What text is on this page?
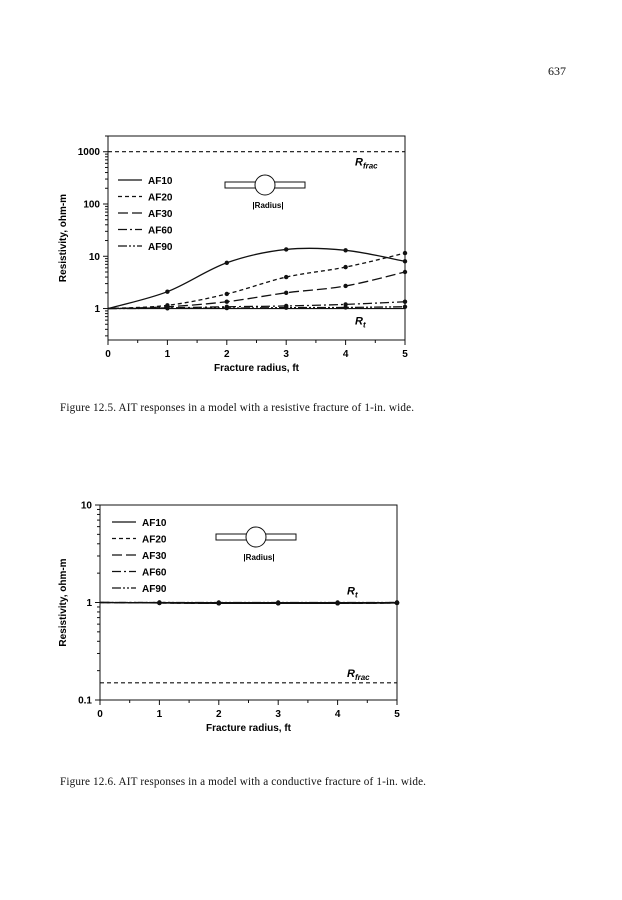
637
1
10
100
1000
0	1	2	3	4	5
Fracture radius, ft
Resistivity, ohm-m
$R_{frac}$
$R_t$
AF10
AF20
AF30
AF60
AF90
|Radius|
Figure 12.5. AIT responses in a model with a resistive fracture of 1-in. wide.
0.1
1
10
0	1	2	3	4	5
Fracture radius, ft
Resistivity, ohm-m	$R_t$
$R_{frac}$
AF10
AF20
AF30
AF60
AF90
|Radius|
Figure 12.6. AIT responses in a model with a conductive fracture of 1-in. wide.
